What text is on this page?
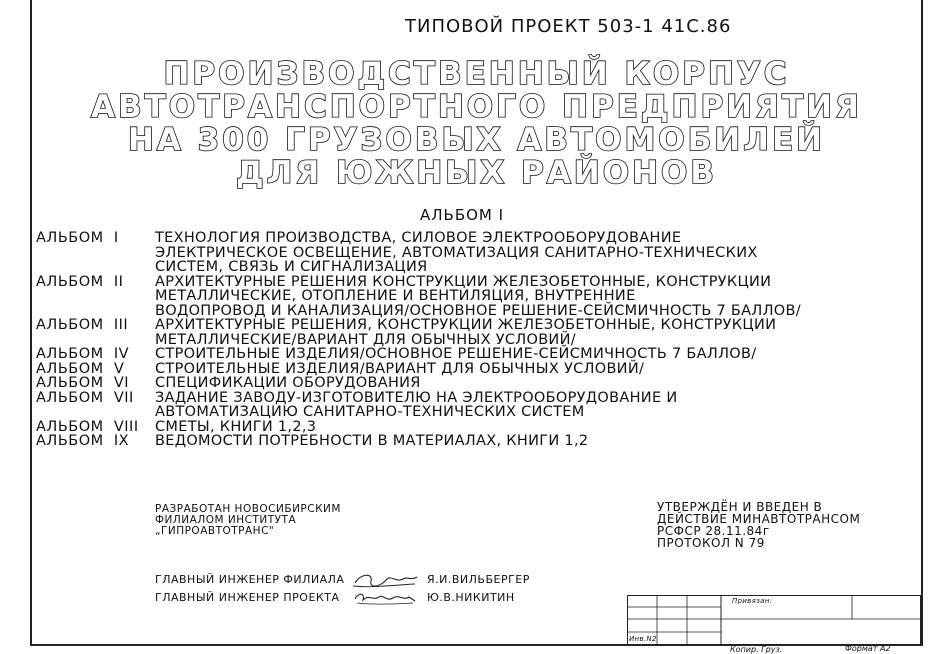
ТИПОВОЙ ПРОЕКТ 503-1 41С.86
ПРОИЗВОДСТВЕННЫЙ КОРПУС
АВТОТРАНСПОРТНОГО ПРЕДПРИЯТИЯ
НА 300 ГРУЗОВЫХ АВТОМОБИЛЕЙ
ДЛЯ ЮЖНЫХ РАЙОНОВ
АЛЬБОМ I
АЛЬБОМ  I	ТЕХНОЛОГИЯ ПРОИЗВОДСТВА, СИЛОВОЕ ЭЛЕКТРООБОРУДОВАНИЕ
ЭЛЕКТРИЧЕСКОЕ ОСВЕЩЕНИЕ, АВТОМАТИЗАЦИЯ САНИТАРНО-ТЕХНИЧЕСКИХ
СИСТЕМ, СВЯЗЬ И СИГНАЛИЗАЦИЯ
АЛЬБОМ  II	АРХИТЕКТУРНЫЕ РЕШЕНИЯ КОНСТРУКЦИИ ЖЕЛЕЗОБЕТОННЫЕ, КОНСТРУКЦИИ
МЕТАЛЛИЧЕСКИЕ, ОТОПЛЕНИЕ И ВЕНТИЛЯЦИЯ, ВНУТРЕННИЕ
ВОДОПРОВОД И КАНАЛИЗАЦИЯ/ОСНОВНОЕ РЕШЕНИЕ-СЕЙСМИЧНОСТЬ 7 БАЛЛОВ/
АЛЬБОМ  III	АРХИТЕКТУРНЫЕ РЕШЕНИЯ, КОНСТРУКЦИИ ЖЕЛЕЗОБЕТОННЫЕ, КОНСТРУКЦИИ
МЕТАЛЛИЧЕСКИЕ/ВАРИАНТ ДЛЯ ОБЫЧНЫХ УСЛОВИЙ/
АЛЬБОМ  IV	СТРОИТЕЛЬНЫЕ ИЗДЕЛИЯ/ОСНОВНОЕ РЕШЕНИЕ-СЕЙСМИЧНОСТЬ 7 БАЛЛОВ/
АЛЬБОМ  V	СТРОИТЕЛЬНЫЕ ИЗДЕЛИЯ/ВАРИАНТ ДЛЯ ОБЫЧНЫХ УСЛОВИЙ/
АЛЬБОМ  VI	СПЕЦИФИКАЦИИ ОБОРУДОВАНИЯ
АЛЬБОМ  VII	ЗАДАНИЕ ЗАВОДУ-ИЗГОТОВИТЕЛЮ НА ЭЛЕКТРООБОРУДОВАНИЕ И
АВТОМАТИЗАЦИЮ САНИТАРНО-ТЕХНИЧЕСКИХ СИСТЕМ
АЛЬБОМ  VIII	СМЕТЫ, КНИГИ 1,2,3
АЛЬБОМ  IX	ВЕДОМОСТИ ПОТРЕБНОСТИ В МАТЕРИАЛАХ, КНИГИ 1,2
РАЗРАБОТАН НОВОСИБИРСКИМ
ФИЛИАЛОМ ИНСТИТУТА
„ГИПРОАВТОТРАНС"
УТВЕРЖДЁН И ВВЕДЕН В
ДЕЙСТВИЕ МИНАВТОТРАНСОМ
РСФСР 28.11.84г
ПРОТОКОЛ N 79
ГЛАВНЫЙ ИНЖЕНЕР ФИЛИАЛА	Я.И.ВИЛЬБЕРГЕР
ГЛАВНЫЙ ИНЖЕНЕР ПРОЕКТА	Ю.В.НИКИТИН	Привязан:
Инв.N2
Копир. Груз.	Формат А2
